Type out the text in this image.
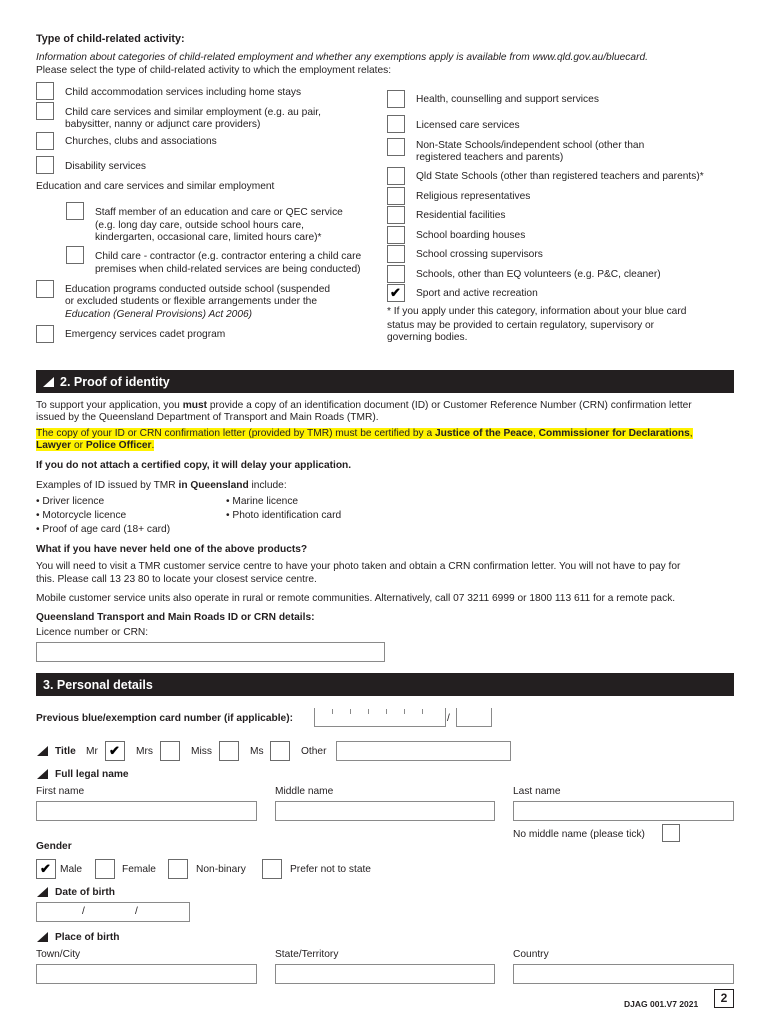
Type of child-related activity:
Information about categories of child-related employment and whether any exemptions apply is available from www.qld.gov.au/bluecard.
Please select the type of child-related activity to which the employment relates:
Child accommodation services including home stays
Child care services and similar employment (e.g. au pair,
babysitter, nanny or adjunct care providers)
Churches, clubs and associations
Disability services
Education and care services and similar employment
Staff member of an education and care or QEC service
(e.g. long day care, outside school hours care,
kindergarten, occasional care, limited hours care)*
Child care - contractor (e.g. contractor entering a child care
premises when child-related services are being conducted)
Education programs conducted outside school (suspended
or excluded students or flexible arrangements under the
Education (General Provisions) Act 2006)
Emergency services cadet program
Health, counselling and support services
Licensed care services
Non-State Schools/independent school (other than
registered teachers and parents)
Qld State Schools (other than registered teachers and parents)*
Religious representatives
Residential facilities
School boarding houses
School crossing supervisors
Schools, other than EQ volunteers (e.g. P&C, cleaner)
✔ Sport and active recreation
* If you apply under this category, information about your blue card
status may be provided to certain regulatory, supervisory or
governing bodies.
2. Proof of identity
To support your application, you must provide a copy of an identification document (ID) or Customer Reference Number (CRN) confirmation letter
issued by the Queensland Department of Transport and Main Roads (TMR).
The copy of your ID or CRN confirmation letter (provided by TMR) must be certified by a Justice of the Peace, Commissioner for Declarations,
Lawyer or Police Officer.
If you do not attach a certified copy, it will delay your application.
Examples of ID issued by TMR in Queensland include:
• Driver licence
• Motorcycle licence
• Proof of age card (18+ card)
• Marine licence
• Photo identification card
What if you have never held one of the above products?
You will need to visit a TMR customer service centre to have your photo taken and obtain a CRN confirmation letter. You will not have to pay for
this. Please call 13 23 80 to locate your closest service centre.
Mobile customer service units also operate in rural or remote communities. Alternatively, call 07 3211 6999 or 1800 113 611 for a remote pack.
Queensland Transport and Main Roads ID or CRN details:
Licence number or CRN:
3. Personal details
Previous blue/exemption card number (if applicable):	/
Title Mr ✔ Mrs	Miss	Ms	Other
Full legal name
First name	Middle name	Last name
No middle name (please tick)
Gender
✔ Male	Female	Non-binary	Prefer not to state
Date of birth
/	/
Place of birth
Town/City	State/Territory	Country
DJAG 001.V7 2021	2
